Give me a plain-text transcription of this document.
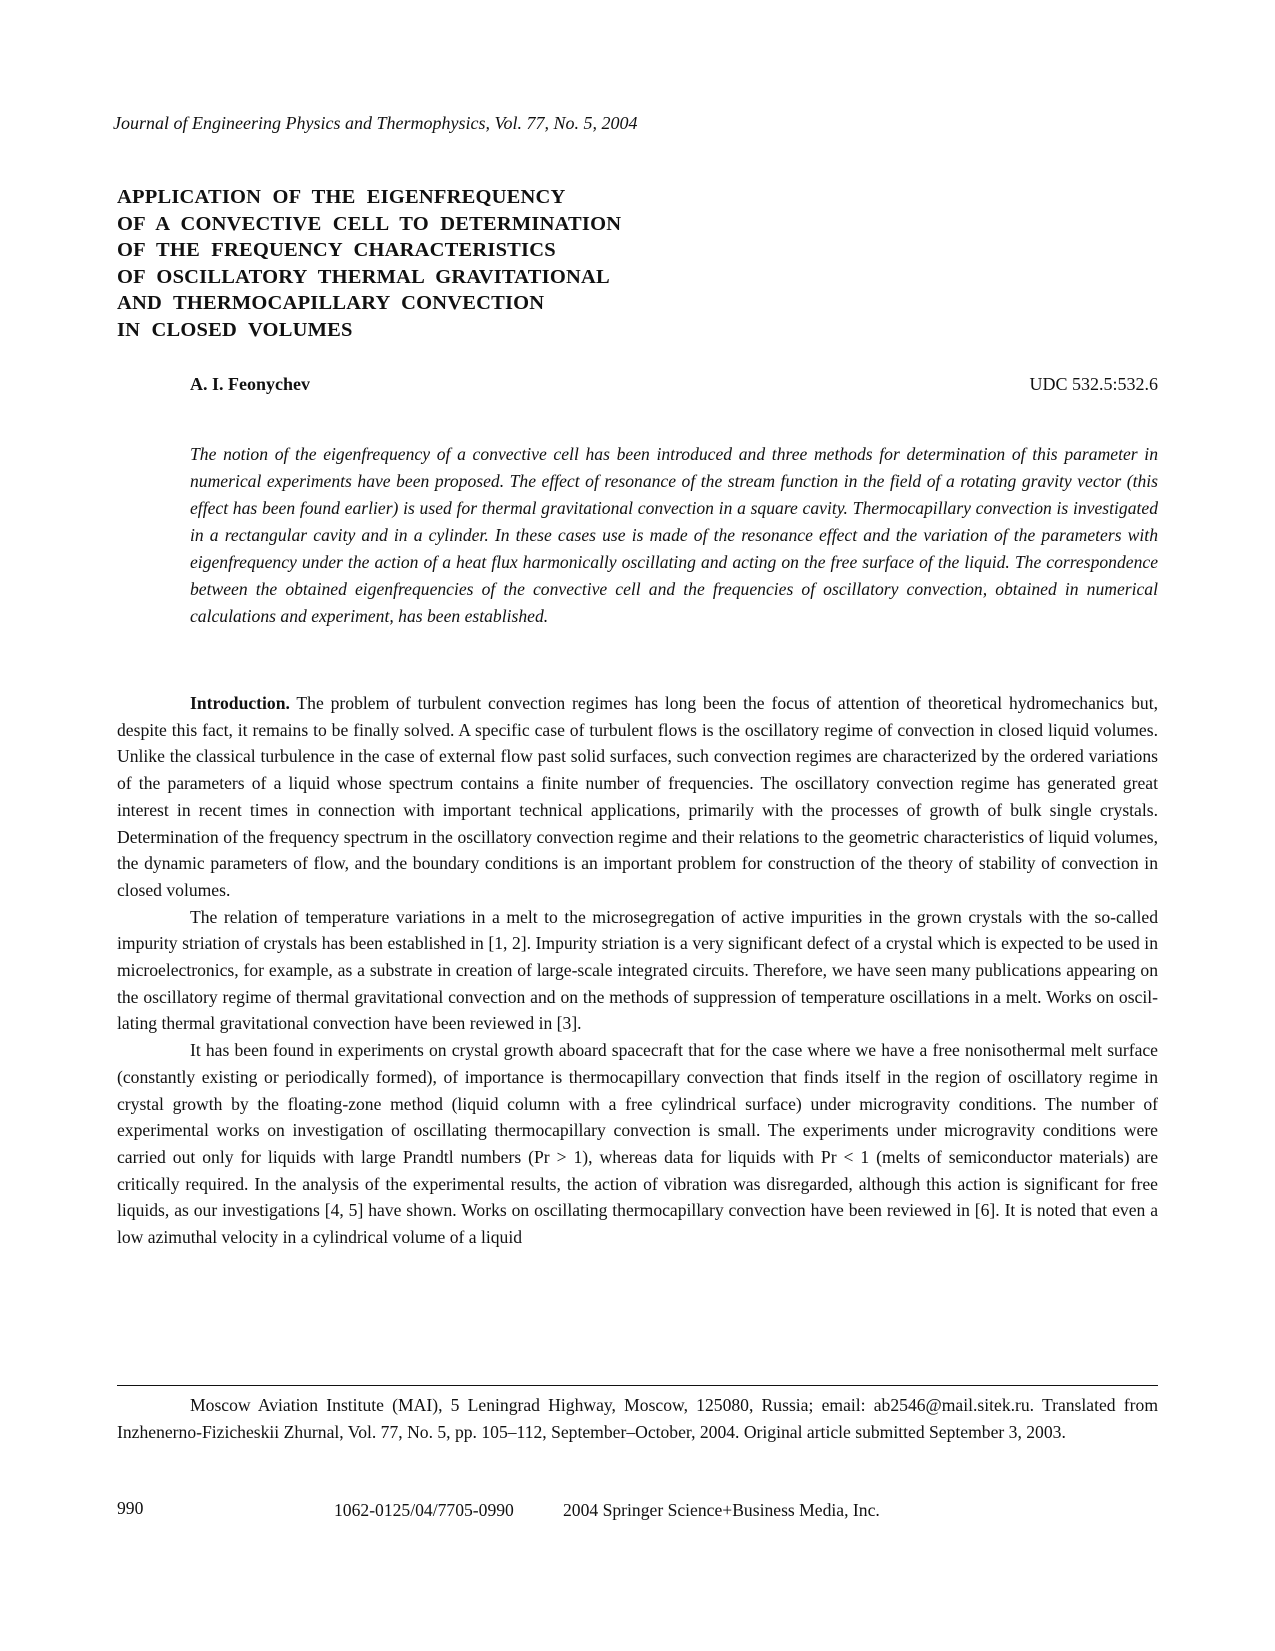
Journal of Engineering Physics and Thermophysics, Vol. 77, No. 5, 2004
APPLICATION OF THE EIGENFREQUENCY
OF A CONVECTIVE CELL TO DETERMINATION
OF THE FREQUENCY CHARACTERISTICS
OF OSCILLATORY THERMAL GRAVITATIONAL
AND THERMOCAPILLARY CONVECTION
IN CLOSED VOLUMES
A. I. Feonychev	UDC 532.5:532.6

The notion of the eigenfrequency of a convective cell has been introduced and three methods for determination of this parameter in numerical experiments have been proposed. The effect of resonance of the stream function in the field of a rotating gravity vector (this effect has been found earlier) is used for thermal gravitational convection in a square cavity. Thermocapillary convection is investigated in a rectangular cavity and in a cylinder. In these cases use is made of the resonance effect and the variation of the parameters with eigenfrequency under the action of a heat flux harmonically oscillating and acting on the free surface of the liquid. The correspondence between the obtained eigenfrequencies of the convective cell and the frequencies of oscillatory convection, obtained in numerical calculations and experiment, has been established.

Introduction. The problem of turbulent convection regimes has long been the focus of attention of theoretical hydromechanics but, despite this fact, it remains to be finally solved. A specific case of turbulent flows is the oscillatory regime of convection in closed liquid volumes. Unlike the classical turbulence in the case of external flow past solid surfaces, such convection regimes are characterized by the ordered variations of the parameters of a liquid whose spectrum contains a finite number of frequencies. The oscillatory convection regime has generated great interest in recent times in connection with important technical applications, primarily with the processes of growth of bulk single crystals. Determination of the frequency spectrum in the oscillatory convection regime and their relations to the geometric characteristics of liquid volumes, the dynamic parameters of flow, and the boundary conditions is an important problem for construction of the theory of stability of convection in closed volumes.

The relation of temperature variations in a melt to the microsegregation of active impurities in the grown crystals with the so-called impurity striation of crystals has been established in [1, 2]. Impurity striation is a very significant defect of a crystal which is expected to be used in microelectronics, for example, as a substrate in creation of large-scale integrated circuits. Therefore, we have seen many publications appearing on the oscillatory regime of thermal gravitational convection and on the methods of suppression of temperature oscillations in a melt. Works on oscillating thermal gravitational convection have been reviewed in [3].

It has been found in experiments on crystal growth aboard spacecraft that for the case where we have a free nonisothermal melt surface (constantly existing or periodically formed), of importance is thermocapillary convection that finds itself in the region of oscillatory regime in crystal growth by the floating-zone method (liquid column with a free cylindrical surface) under microgravity conditions. The number of experimental works on investigation of oscillating thermocapillary convection is small. The experiments under microgravity conditions were carried out only for liquids with large Prandtl numbers (Pr > 1), whereas data for liquids with Pr < 1 (melts of semiconductor materials) are critically required. In the analysis of the experimental results, the action of vibration was disregarded, although this action is significant for free liquids, as our investigations [4, 5] have shown. Works on oscillating thermocapillary convection have been reviewed in [6]. It is noted that even a low azimuthal velocity in a cylindrical volume of a liquid

Moscow Aviation Institute (MAI), 5 Leningrad Highway, Moscow, 125080, Russia; email: ab2546@mail.sitek.ru. Translated from Inzhenerno-Fizicheskii Zhurnal, Vol. 77, No. 5, pp. 105–112, September–October, 2004. Original article submitted September 3, 2003.

990	1062-0125/04/7705-0990	2004 Springer Science+Business Media, Inc.
